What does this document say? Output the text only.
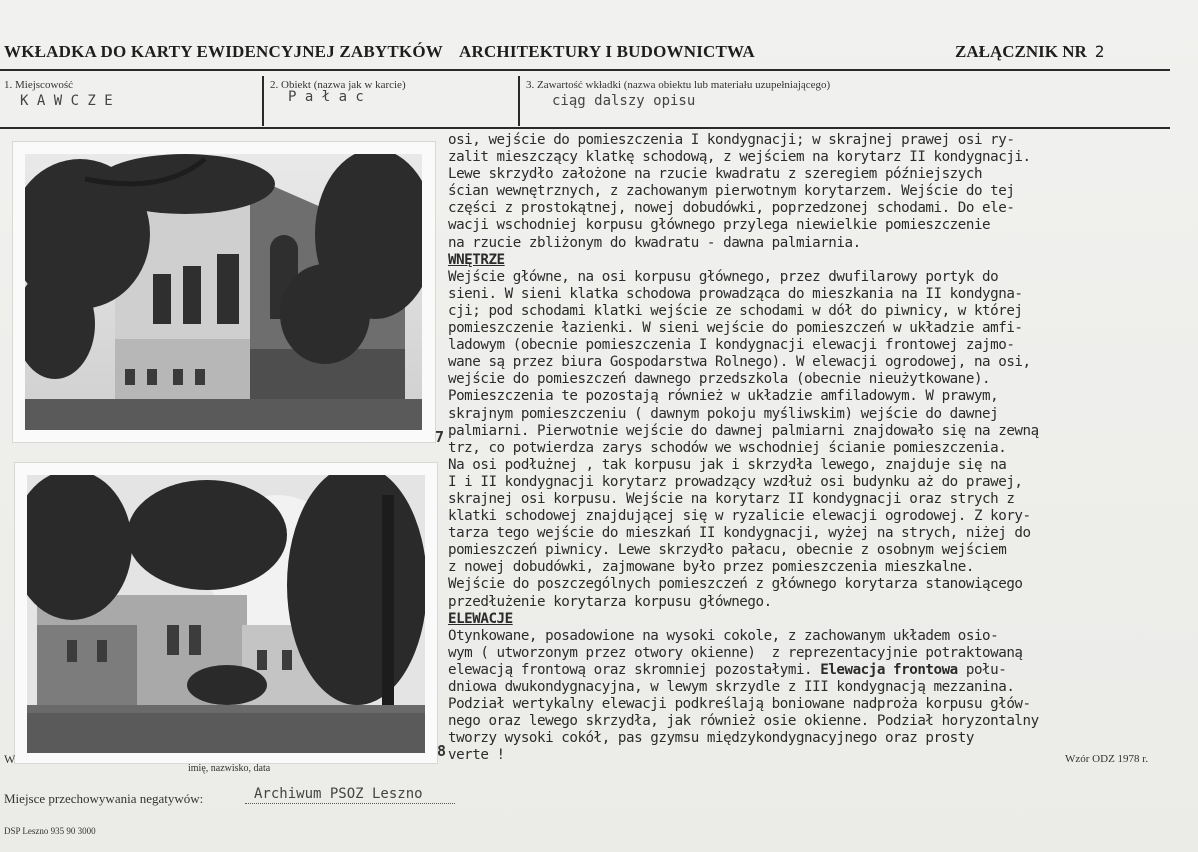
WKŁADKA DO KARTY EWIDENCYJNEJ ZABYTKÓW ARCHITEKTURY I BUDOWNICTWA	ZAŁĄCZNIK NR 2
1. Miejscowość
K A W C Z E
2. Obiekt (nazwa jak w karcie)
P a ł a c
3. Zawartość wkładki (nazwa obiektu lub materiału uzupełniającego)
ciąg dalszy opisu
7
8
osi, wejście do pomieszczenia I kondygnacji; w skrajnej prawej osi ry-
zalit mieszczący klatkę schodową, z wejściem na korytarz II kondygnacji.
Lewe skrzydło założone na rzucie kwadratu z szeregiem późniejszych
ścian wewnętrznych, z zachowanym pierwotnym korytarzem. Wejście do tej
części z prostokątnej, nowej dobudówki, poprzedzonej schodami. Do ele-
wacji wschodniej korpusu głównego przylega niewielkie pomieszczenie
na rzucie zbliżonym do kwadratu - dawna palmiarnia.
WNĘTRZE
Wejście główne, na osi korpusu głównego, przez dwufilarowy portyk do
sieni. W sieni klatka schodowa prowadząca do mieszkania na II kondygna-
cji; pod schodami klatki wejście ze schodami w dół do piwnicy, w której
pomieszczenie łazienki. W sieni wejście do pomieszczeń w układzie amfi-
ladowym (obecnie pomieszczenia I kondygnacji elewacji frontowej zajmo-
wane są przez biura Gospodarstwa Rolnego). W elewacji ogrodowej, na osi,
wejście do pomieszczeń dawnego przedszkola (obecnie nieużytkowane).
Pomieszczenia te pozostają również w układzie amfiladowym. W prawym,
skrajnym pomieszczeniu ( dawnym pokoju myśliwskim) wejście do dawnej
palmiarni. Pierwotnie wejście do dawnej palmiarni znajdowało się na zewną
trz, co potwierdza zarys schodów we wschodniej ścianie pomieszczenia.
Na osi podłużnej , tak korpusu jak i skrzydła lewego, znajduje się na
I i II kondygnacji korytarz prowadzący wzdłuż osi budynku aż do prawej,
skrajnej osi korpusu. Wejście na korytarz II kondygnacji oraz strych z
klatki schodowej znajdującej się w ryzalicie elewacji ogrodowej. Z kory-
tarza tego wejście do mieszkań II kondygnacji, wyżej na strych, niżej do
pomieszczeń piwnicy. Lewe skrzydło pałacu, obecnie z osobnym wejściem
z nowej dobudówki, zajmowane było przez pomieszczenia mieszkalne.
Wejście do poszczególnych pomieszczeń z głównego korytarza stanowiącego
przedłużenie korytarza korpusu głównego.
ELEWACJE
Otynkowane, posadowione na wysoki cokole, z zachowanym układem osio-
wym ( utworzonym przez otwory okienne)  z reprezentacyjnie potraktowaną
elewacją frontową oraz skromniej pozostałymi. Elewacja frontowa połu-
dniowa dwukondygnacyjna, w lewym skrzydle z III kondygnacją mezzanina.
Podział wertykalny elewacji podkreślają boniowane nadproża korpusu głów-
nego oraz lewego skrzydła, jak również osie okienne. Podział horyzontalny
tworzy wysoki cokół, pas gzymsu międzykondygnacyjnego oraz prosty
verte !
W
imię, nazwisko, data
Wzór ODZ 1978 r.
Miejsce przechowywania negatywów:	Archiwum PSOZ Leszno
DSP Leszno 935 90 3000
